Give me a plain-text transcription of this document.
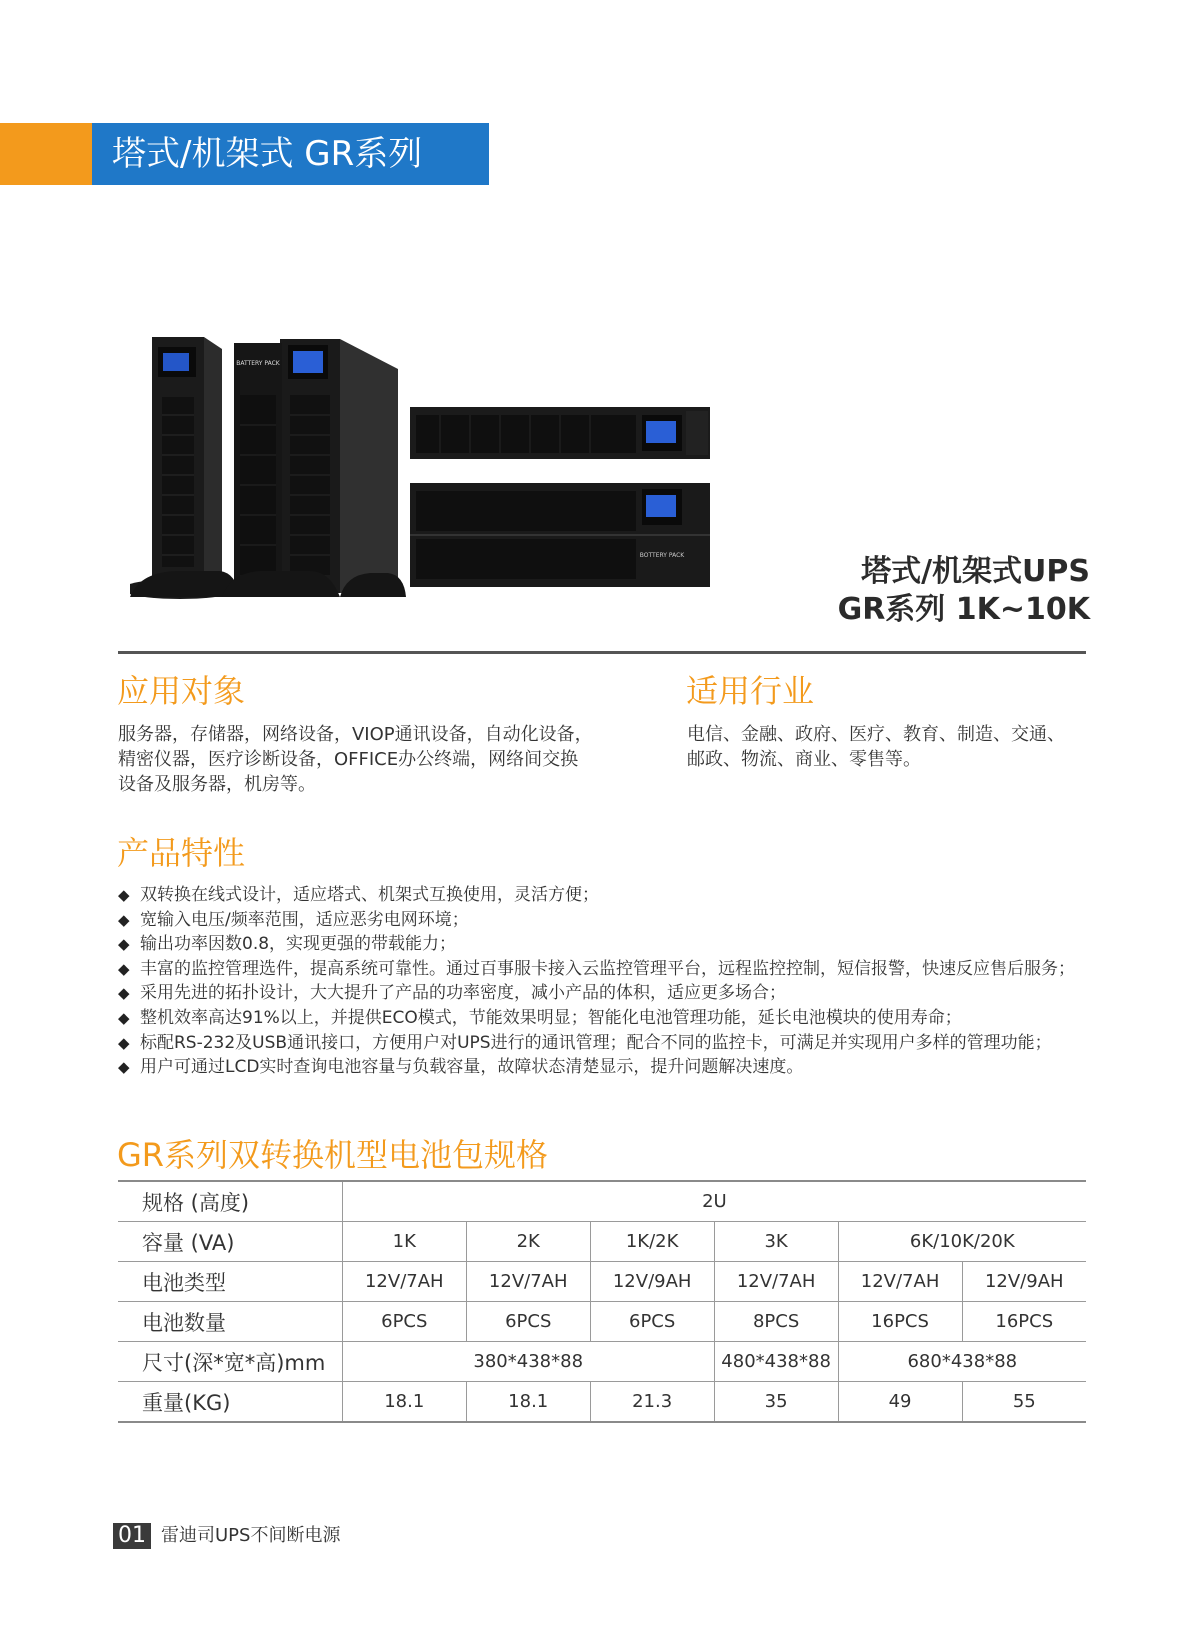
塔式/机架式 GR系列
BATTERY PACK
BOTTERY PACK	塔式/机架式UPS
GR系列 1K~10K
应用对象
服务器，存储器，网络设备，VIOP通讯设备，自动化设备，
精密仪器，医疗诊断设备，OFFICE办公终端，网络间交换
设备及服务器，机房等。
适用行业
电信、金融、政府、医疗、教育、制造、交通、
邮政、物流、商业、零售等。
产品特性
◆ 双转换在线式设计，适应塔式、机架式互换使用，灵活方便；
◆ 宽输入电压/频率范围，适应恶劣电网环境；
◆ 输出功率因数0.8，实现更强的带载能力；
◆ 丰富的监控管理选件，提高系统可靠性。通过百事服卡接入云监控管理平台，远程监控控制，短信报警，快速反应售后服务；
◆ 采用先进的拓扑设计，大大提升了产品的功率密度，减小产品的体积，适应更多场合；
◆ 整机效率高达91%以上，并提供ECO模式，节能效果明显；智能化电池管理功能，延长电池模块的使用寿命；
◆ 标配RS-232及USB通讯接口，方便用户对UPS进行的通讯管理；配合不同的监控卡，可满足并实现用户多样的管理功能；
◆ 用户可通过LCD实时查询电池容量与负载容量，故障状态清楚显示，提升问题解决速度。
GR系列双转换机型电池包规格
规格 (高度)	2U					
容量 (VA)	1K	2K	1K/2K	3K	6K/10K/20K	
电池类型	12V/7AH	12V/7AH	12V/9AH	12V/7AH	12V/7AH	12V/9AH
电池数量	6PCS	6PCS	6PCS	8PCS	16PCS	16PCS
尺寸(深*宽*高)mm	380*438*88			480*438*88	680*438*88	
重量(KG)	18.1	18.1	21.3	35	49	55
01 雷迪司UPS不间断电源
